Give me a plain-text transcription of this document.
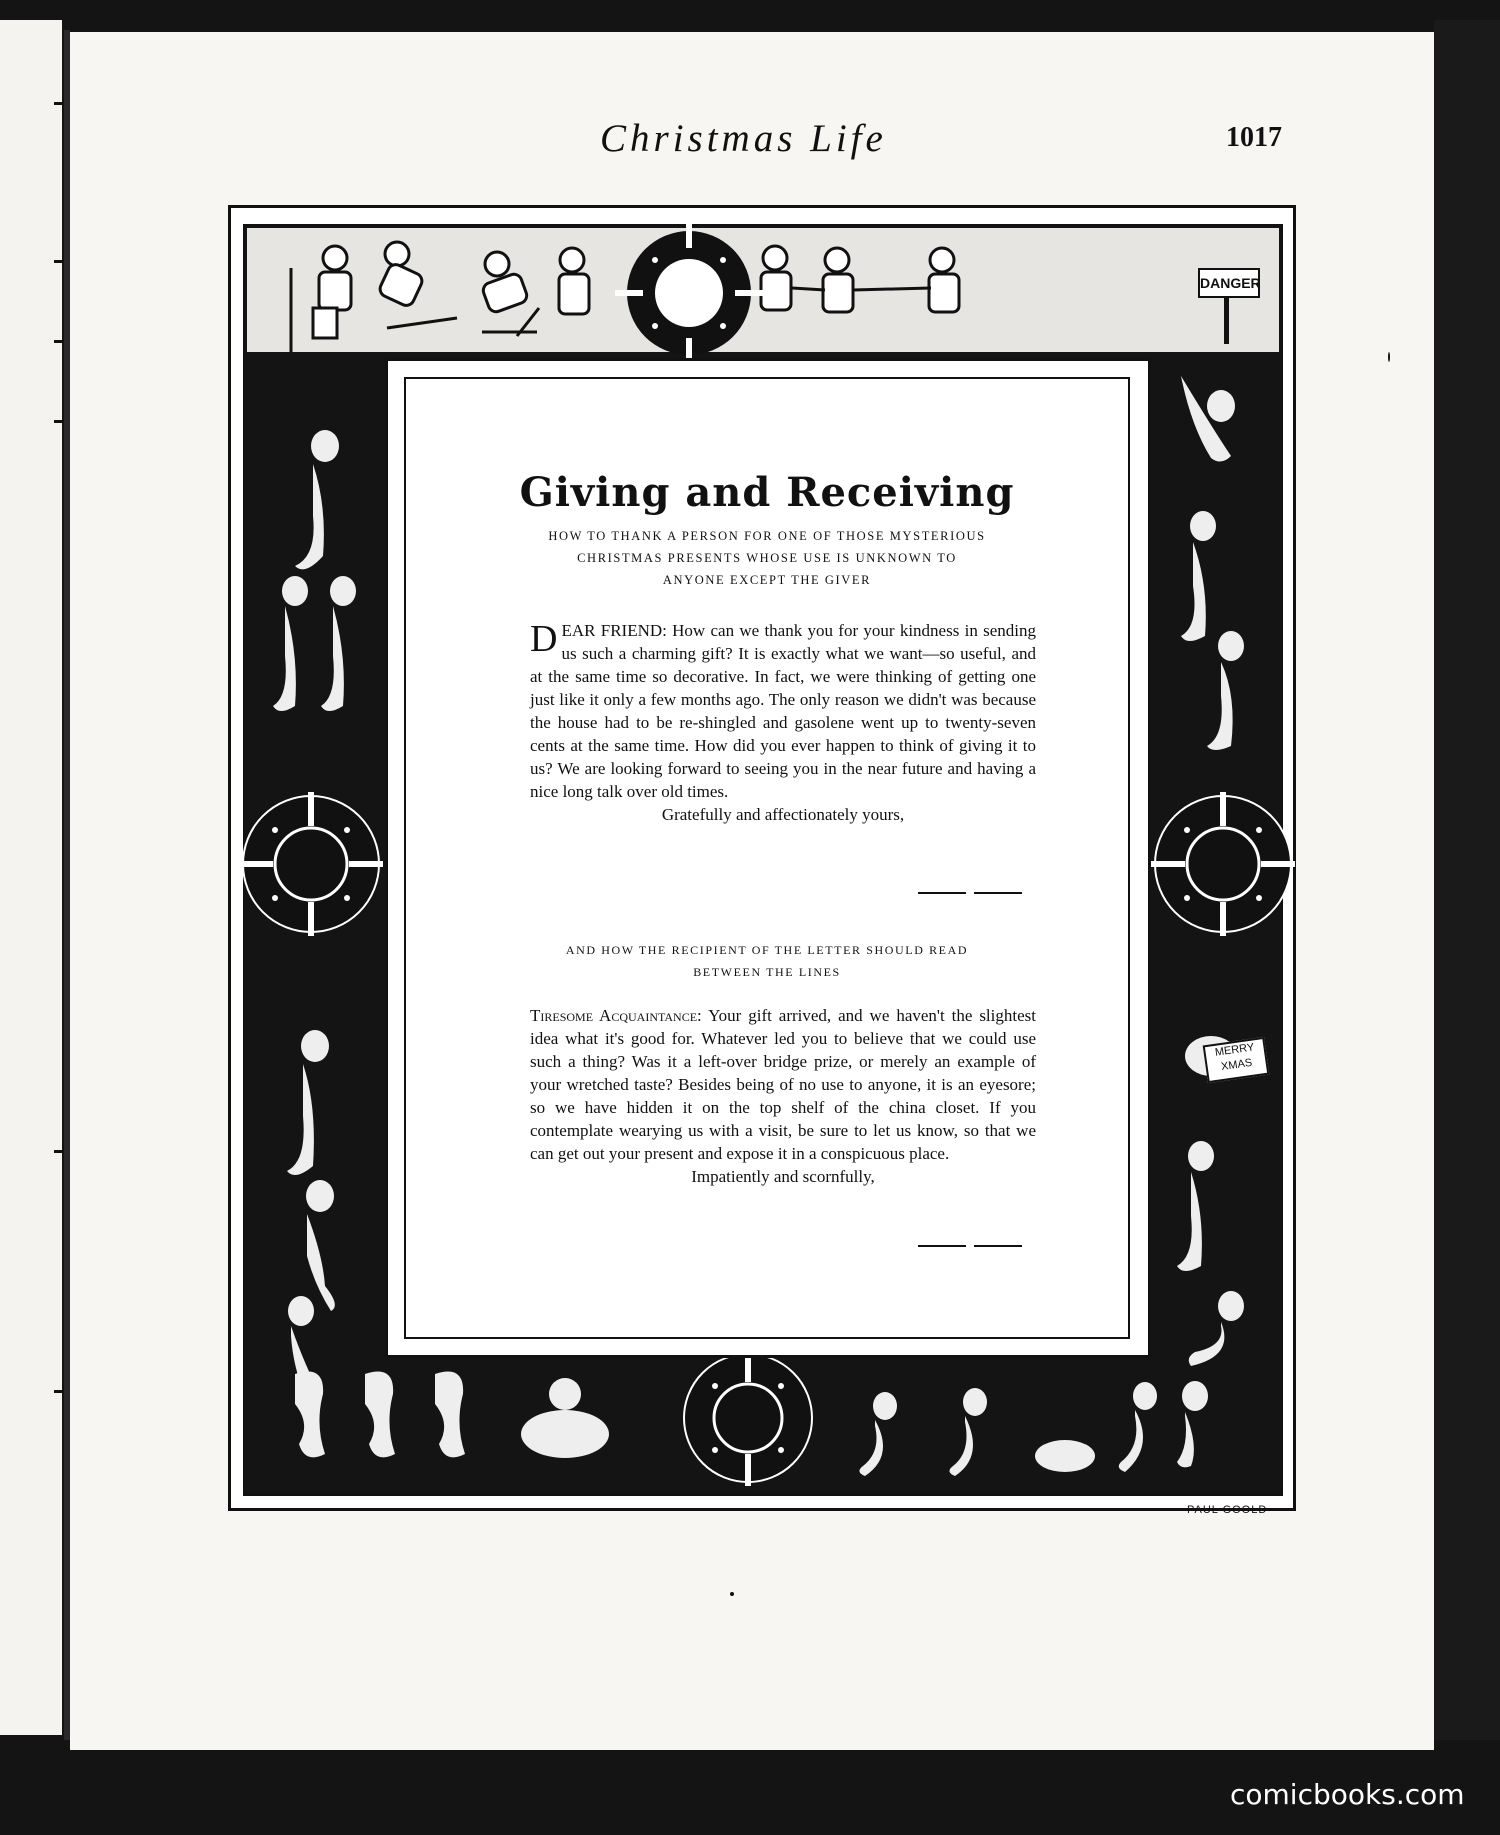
Christmas Life	1017
DANGER
MERRY
XMAS
Giving and Receiving
HOW TO THANK A PERSON FOR ONE OF THOSE MYSTERIOUS
CHRISTMAS PRESENTS WHOSE USE IS UNKNOWN TO
ANYONE EXCEPT THE GIVER
DEAR FRIEND: How can we thank you for your kindness in sending us such a charming gift? It is exactly what we want—so useful, and at the same time so decorative. In fact, we were thinking of getting one just like it only a few months ago. The only reason we didn't was because the house had to be re-shingled and gasolene went up to twenty-seven cents at the same time. How did you ever happen to think of giving it to us? We are looking forward to seeing you in the near future and having a nice long talk over old times.
Gratefully and affectionately yours,
AND HOW THE RECIPIENT OF THE LETTER SHOULD READ
BETWEEN THE LINES
Tiresome Acquaintance: Your gift arrived, and we haven't the slightest idea what it's good for. Whatever led you to believe that we could use such a thing? Was it a left-over bridge prize, or merely an example of your wretched taste? Besides being of no use to anyone, it is an eyesore; so we have hidden it on the top shelf of the china closet. If you contemplate wearying us with a visit, be sure to let us know, so that we can get out your present and expose it in a conspicuous place.
Impatiently and scornfully,
PAUL GOOLD
comicbooks.com
